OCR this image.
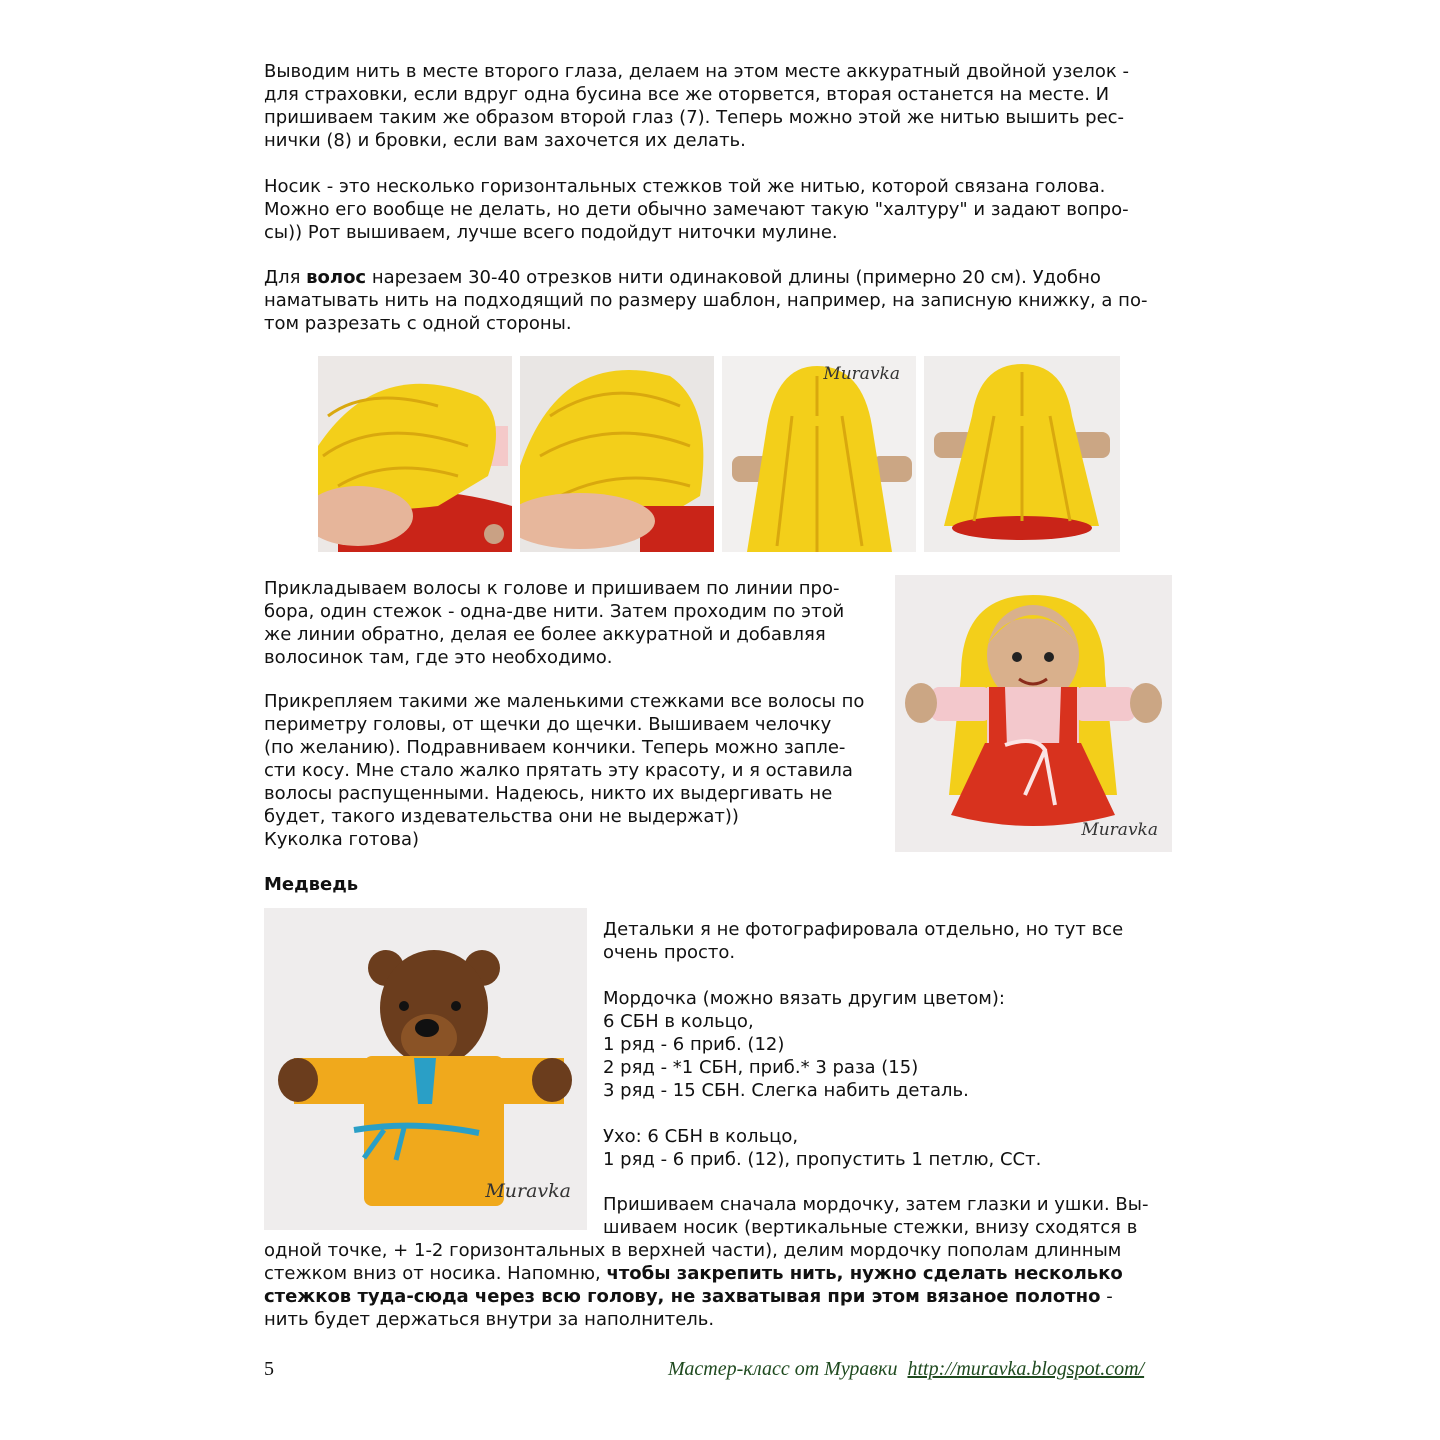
Выводим нить в месте второго глаза, делаем на этом месте аккуратный двойной узелок -
для страховки, если вдруг одна бусина все же оторвется, вторая останется на месте. И
пришиваем таким же образом второй глаз (7). Теперь можно этой же нитью вышить рес-
нички (8) и бровки, если вам захочется их делать.

Носик - это несколько горизонтальных стежков той же нитью, которой связана голова.
Можно его вообще не делать, но дети обычно замечают такую "халтуру" и задают вопро-
сы)) Рот вышиваем, лучше всего подойдут ниточки мулине.

Для волос нарезаем 30-40 отрезков нити одинаковой длины (примерно 20 см). Удобно
наматывать нить на подходящий по размеру шаблон, например, на записную книжку, а по-
том разрезать с одной стороны.

Muravka

Прикладываем волосы к голове и пришиваем по линии про-
бора, один стежок - одна-две нити. Затем проходим по этой
же линии обратно, делая ее более аккуратной и добавляя
волосинок там, где это необходимо.

Прикрепляем такими же маленькими стежками все волосы по
периметру головы, от щечки до щечки. Вышиваем челочку
(по желанию). Подравниваем кончики. Теперь можно запле-
сти косу. Мне стало жалко прятать эту красоту, и я оставила
волосы распущенными. Надеюсь, никто их выдергивать не
будет, такого издевательства они не выдержат))
Куколка готова)	Muravka

Медведь

Muravka

Детальки я не фотографировала отдельно, но тут все
очень просто.

Мордочка (можно вязать другим цветом):
6 СБН в кольцо,
1 ряд - 6 приб. (12)
2 ряд - *1 СБН, приб.* 3 раза (15)
3 ряд - 15 СБН. Слегка набить деталь.

Ухо: 6 СБН в кольцо,
1 ряд - 6 приб. (12), пропустить 1 петлю, ССт.

Пришиваем сначала мордочку, затем глазки и ушки. Вы-
шиваем носик (вертикальные стежки, внизу сходятся в

одной точке, + 1-2 горизонтальных в верхней части), делим мордочку пополам длинным
стежком вниз от носика. Напомню, чтобы закрепить нить, нужно сделать несколько
стежков туда-сюда через всю голову, не захватывая при этом вязаное полотно -
нить будет держаться внутри за наполнитель.

5	Мастер-класс от Муравки http://muravka.blogspot.com/
